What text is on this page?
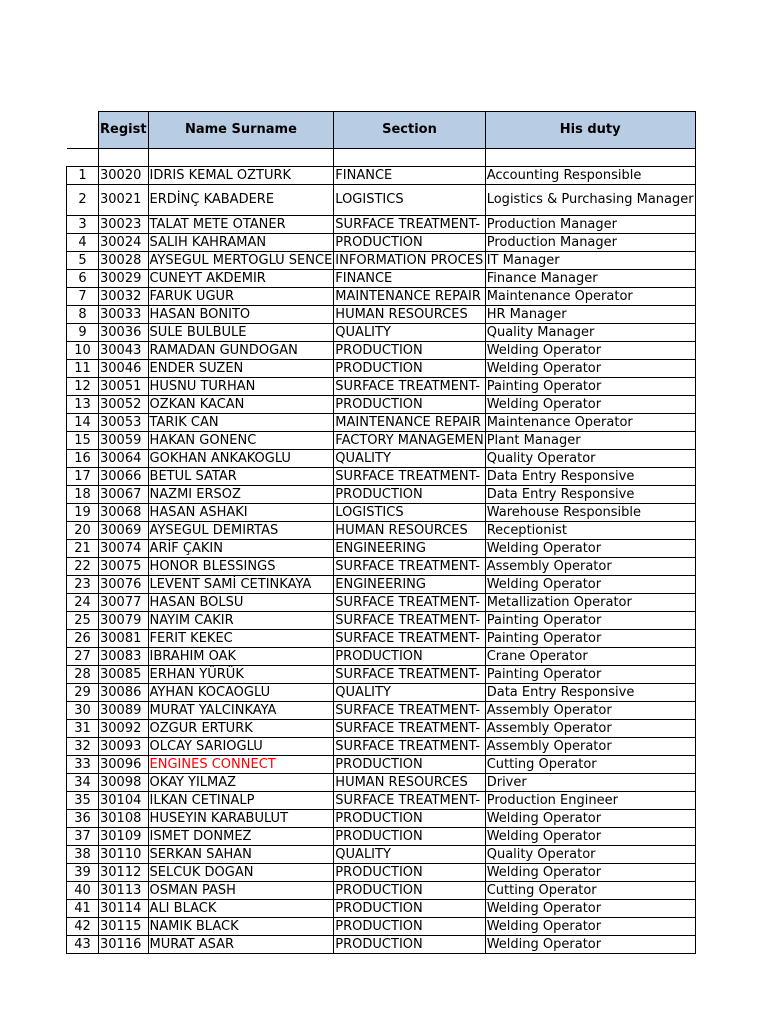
	Regist	Name Surname	Section	His duty

1	30020	IDRIS KEMAL OZTURK	FINANCE	Accounting Responsible
2	30021	ERDİNÇ KABADERE	LOGISTICS	Logistics & Purchasing Manager
3	30023	TALAT METE OTANER	SURFACE TREATMENT-	Production Manager
4	30024	SALIH KAHRAMAN	PRODUCTION	Production Manager
5	30028	AYSEGUL MERTOGLU SENCE	INFORMATION PROCES	IT Manager
6	30029	CUNEYT AKDEMIR	FINANCE	Finance Manager
7	30032	FARUK UGUR	MAINTENANCE REPAIR	Maintenance Operator
8	30033	HASAN BONITO	HUMAN RESOURCES	HR Manager
9	30036	SULE BULBULE	QUALITY	Quality Manager
10	30043	RAMADAN GUNDOGAN	PRODUCTION	Welding Operator
11	30046	ENDER SUZEN	PRODUCTION	Welding Operator
12	30051	HUSNU TURHAN	SURFACE TREATMENT-	Painting Operator
13	30052	OZKAN KACAN	PRODUCTION	Welding Operator
14	30053	TARIK CAN	MAINTENANCE REPAIR	Maintenance Operator
15	30059	HAKAN GONENC	FACTORY MANAGEMEN	Plant Manager
16	30064	GOKHAN ANKAKOGLU	QUALITY	Quality Operator
17	30066	BETUL SATAR	SURFACE TREATMENT-	Data Entry Responsive
18	30067	NAZMI ERSOZ	PRODUCTION	Data Entry Responsive
19	30068	HASAN ASHAKI	LOGISTICS	Warehouse Responsible
20	30069	AYSEGUL DEMIRTAS	HUMAN RESOURCES	Receptionist
21	30074	ARİF ÇAKIN	ENGINEERING	Welding Operator
22	30075	HONOR BLESSINGS	SURFACE TREATMENT-	Assembly Operator
23	30076	LEVENT SAMİ CETINKAYA	ENGINEERING	Welding Operator
24	30077	HASAN BOLSU	SURFACE TREATMENT-	Metallization Operator
25	30079	NAYIM CAKIR	SURFACE TREATMENT-	Painting Operator
26	30081	FERIT KEKEC	SURFACE TREATMENT-	Painting Operator
27	30083	IBRAHIM OAK	PRODUCTION	Crane Operator
28	30085	ERHAN YÜRÜK	SURFACE TREATMENT-	Painting Operator
29	30086	AYHAN KOCAOGLU	QUALITY	Data Entry Responsive
30	30089	MURAT YALCINKAYA	SURFACE TREATMENT-	Assembly Operator
31	30092	OZGUR ERTURK	SURFACE TREATMENT-	Assembly Operator
32	30093	OLCAY SARIOGLU	SURFACE TREATMENT-	Assembly Operator
33	30096	ENGINES CONNECT	PRODUCTION	Cutting Operator
34	30098	OKAY YILMAZ	HUMAN RESOURCES	Driver
35	30104	ILKAN CETINALP	SURFACE TREATMENT-	Production Engineer
36	30108	HUSEYIN KARABULUT	PRODUCTION	Welding Operator
37	30109	ISMET DONMEZ	PRODUCTION	Welding Operator
38	30110	SERKAN SAHAN	QUALITY	Quality Operator
39	30112	SELCUK DOGAN	PRODUCTION	Welding Operator
40	30113	OSMAN PASH	PRODUCTION	Cutting Operator
41	30114	ALI BLACK	PRODUCTION	Welding Operator
42	30115	NAMIK BLACK	PRODUCTION	Welding Operator
43	30116	MURAT ASAR	PRODUCTION	Welding Operator
